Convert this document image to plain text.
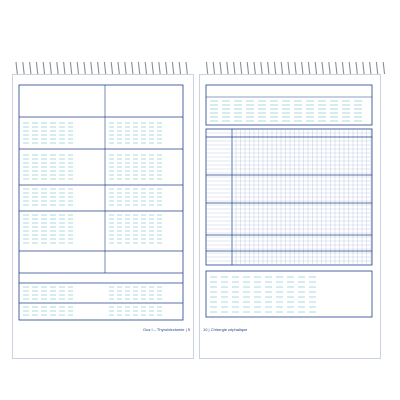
Gus I – Thyroïdectomie | 5	10 | Chirurgie céphalique
